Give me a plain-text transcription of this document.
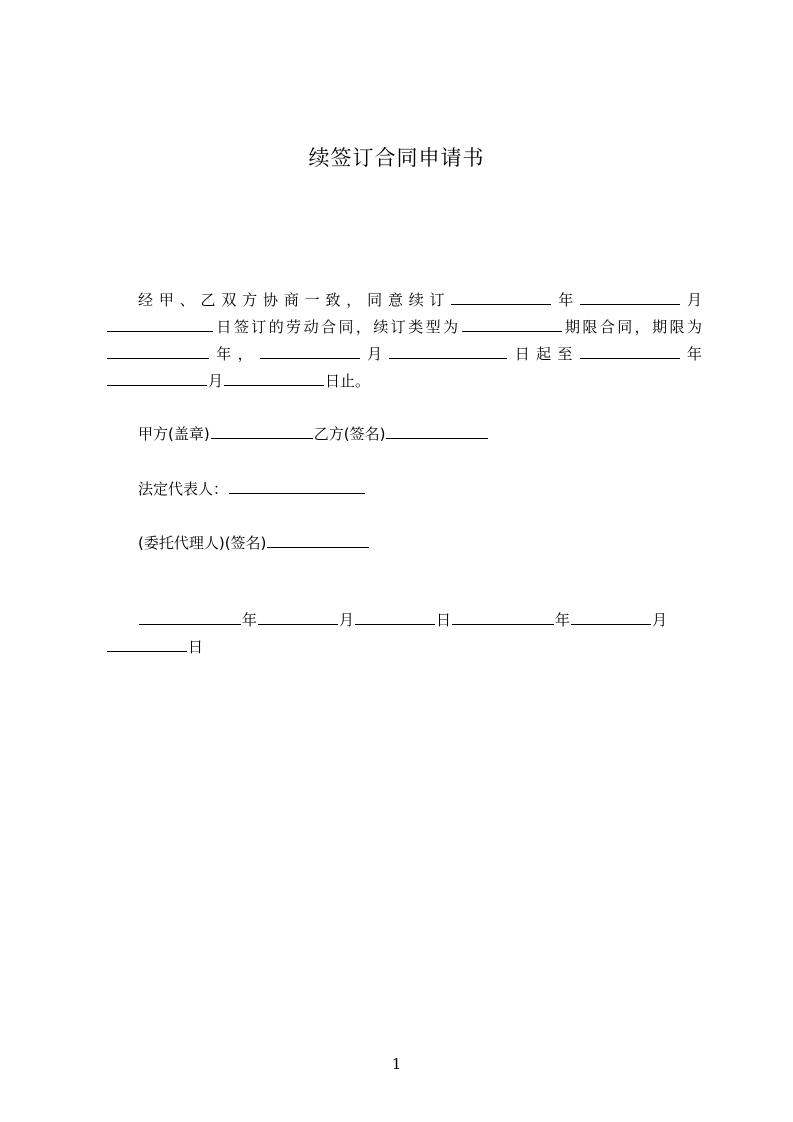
续签订合同申请书
经甲、乙双方协商一致，同意续订	年	月日签订的劳动合同，续订类型为	期限合同，期限为年，	月	日起至	年月	日止。
甲方(盖章)	乙方(签名)
法定代表人：
(委托代理人)(签名)
年	月	日	年	月日
1
